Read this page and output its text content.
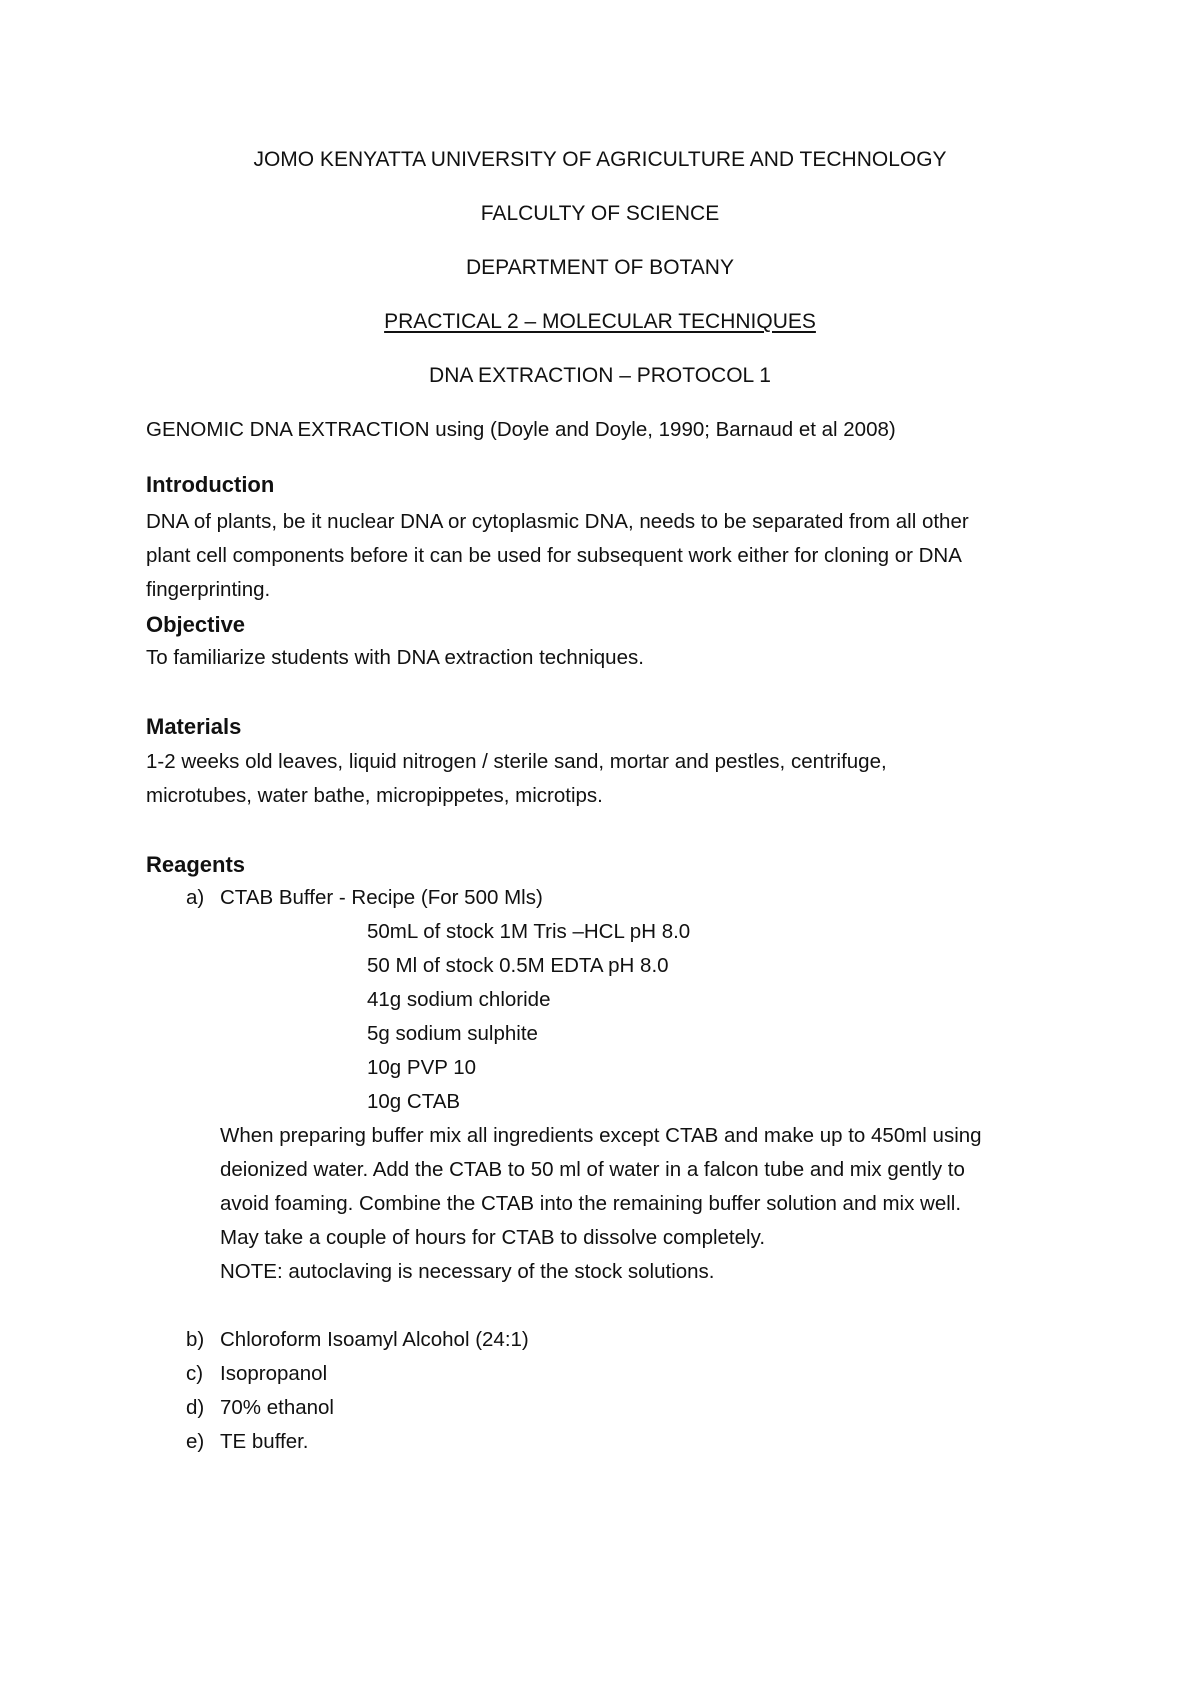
JOMO KENYATTA UNIVERSITY OF AGRICULTURE AND TECHNOLOGY
FALCULTY OF SCIENCE
DEPARTMENT OF BOTANY
PRACTICAL 2 – MOLECULAR TECHNIQUES
DNA EXTRACTION – PROTOCOL 1
GENOMIC DNA EXTRACTION using (Doyle and Doyle, 1990; Barnaud et al 2008)
Introduction
DNA of plants, be it nuclear DNA or cytoplasmic DNA, needs to be separated from all other
plant cell components before it can be used for subsequent work either for cloning or DNA
fingerprinting.
Objective
To familiarize students with DNA extraction techniques.
Materials
1-2 weeks old leaves, liquid nitrogen / sterile sand, mortar and pestles, centrifuge,
microtubes, water bathe, micropippetes, microtips.
Reagents
a) CTAB Buffer - Recipe (For 500 Mls)
50mL of stock 1M Tris –HCL pH 8.0
50 Ml of stock 0.5M EDTA pH 8.0
41g sodium chloride
5g sodium sulphite
10g PVP 10
10g CTAB
When preparing buffer mix all ingredients except CTAB and make up to 450ml using
deionized water. Add the CTAB to 50 ml of water in a falcon tube and mix gently to
avoid foaming. Combine the CTAB into the remaining buffer solution and mix well.
May take a couple of hours for CTAB to dissolve completely.
NOTE: autoclaving is necessary of the stock solutions.
b) Chloroform Isoamyl Alcohol (24:1)
c) Isopropanol
d) 70% ethanol
e) TE buffer.
